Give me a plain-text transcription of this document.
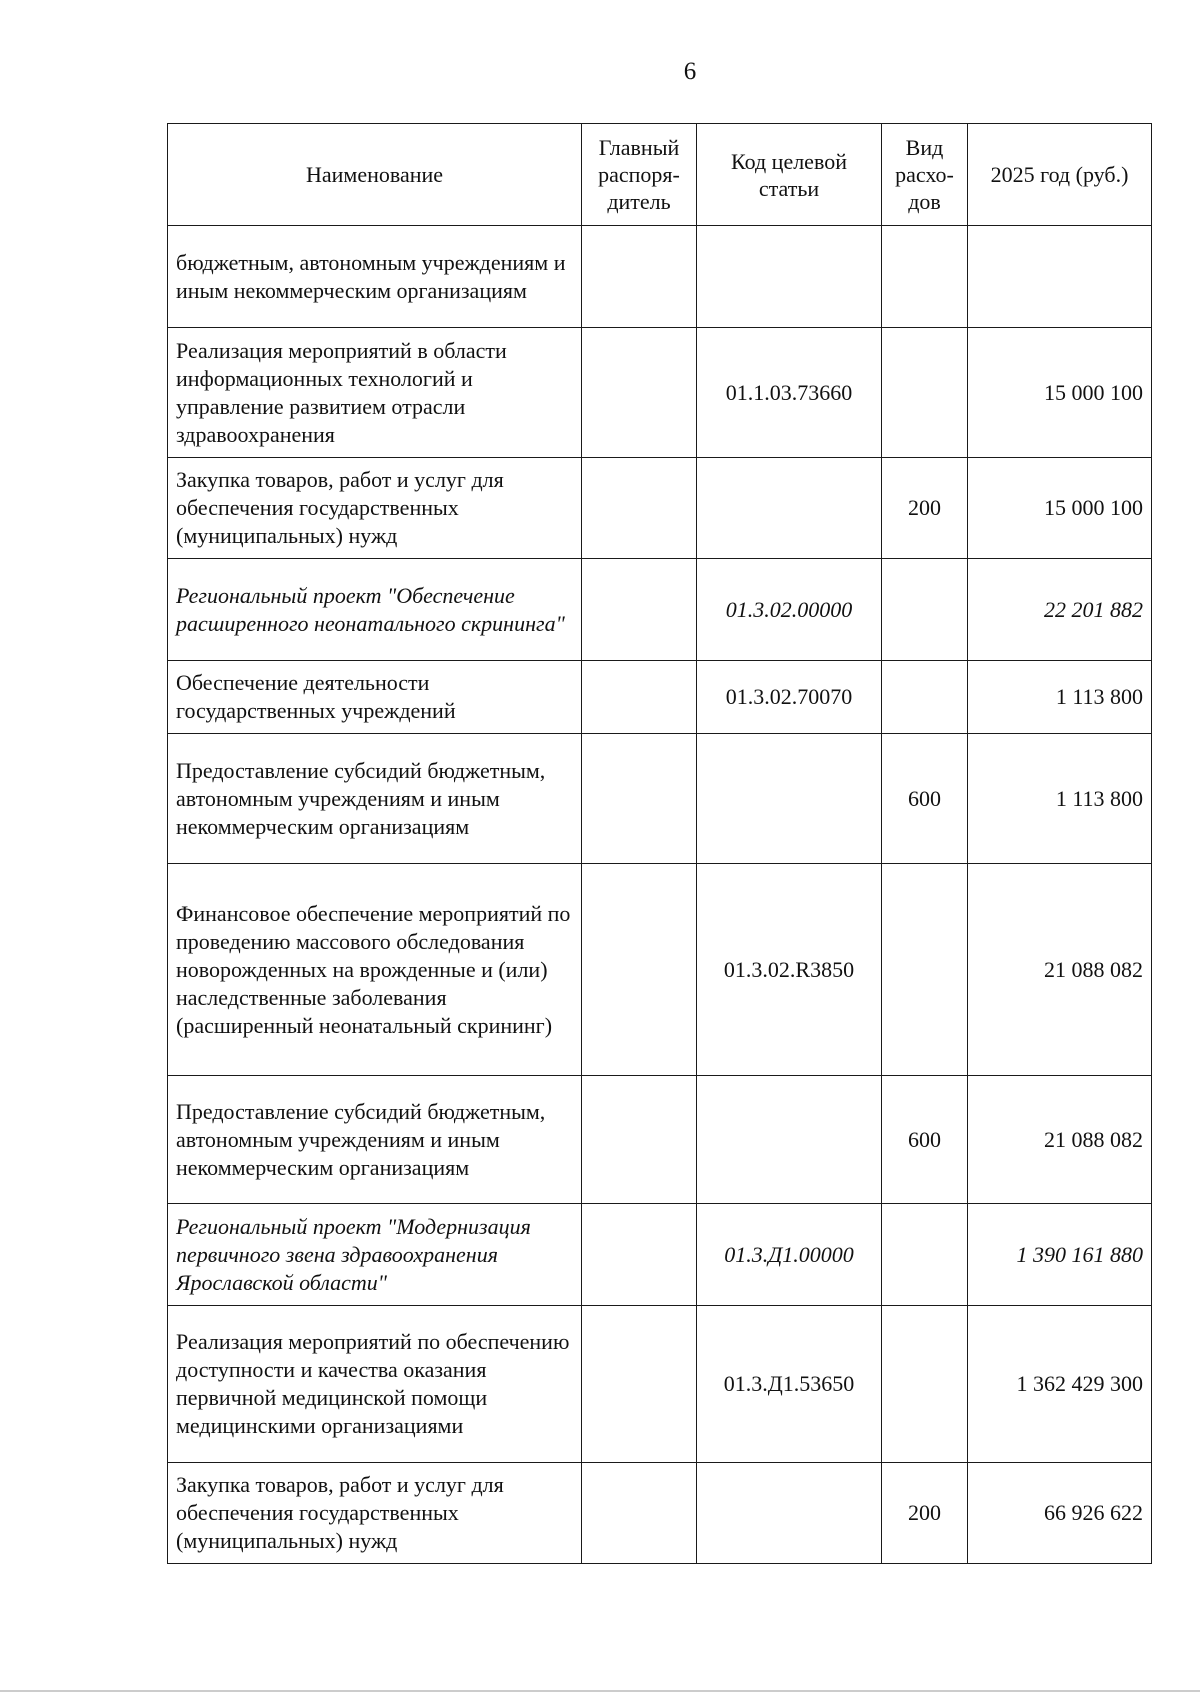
6
Наименование	Главный распоря-дитель	Код целевой статьи	Вид расхо-дов	2025 год (руб.)
бюджетным, автономным учреждениям и иным некоммерческим организациям				
Реализация мероприятий в области информационных технологий и управление развитием отрасли здравоохранения		01.1.03.73660		15 000 100
Закупка товаров, работ и услуг для обеспечения государственных (муниципальных) нужд			200	15 000 100
Региональный проект "Обеспечение расширенного неонатального скрининга"		01.3.02.00000		22 201 882
Обеспечение деятельности государственных учреждений		01.3.02.70070		1 113 800
Предоставление субсидий бюджетным, автономным учреждениям и иным некоммерческим организациям			600	1 113 800
Финансовое обеспечение мероприятий по проведению массового обследования новорожденных на врожденные и (или) наследственные заболевания (расширенный неонатальный скрининг)		01.3.02.R3850		21 088 082
Предоставление субсидий бюджетным, автономным учреждениям и иным некоммерческим организациям			600	21 088 082
Региональный проект "Модернизация первичного звена здравоохранения Ярославской области"		01.3.Д1.00000		1 390 161 880
Реализация мероприятий по обеспечению доступности и качества оказания первичной медицинской помощи медицинскими организациями		01.3.Д1.53650		1 362 429 300
Закупка товаров, работ и услуг для обеспечения государственных (муниципальных) нужд			200	66 926 622
